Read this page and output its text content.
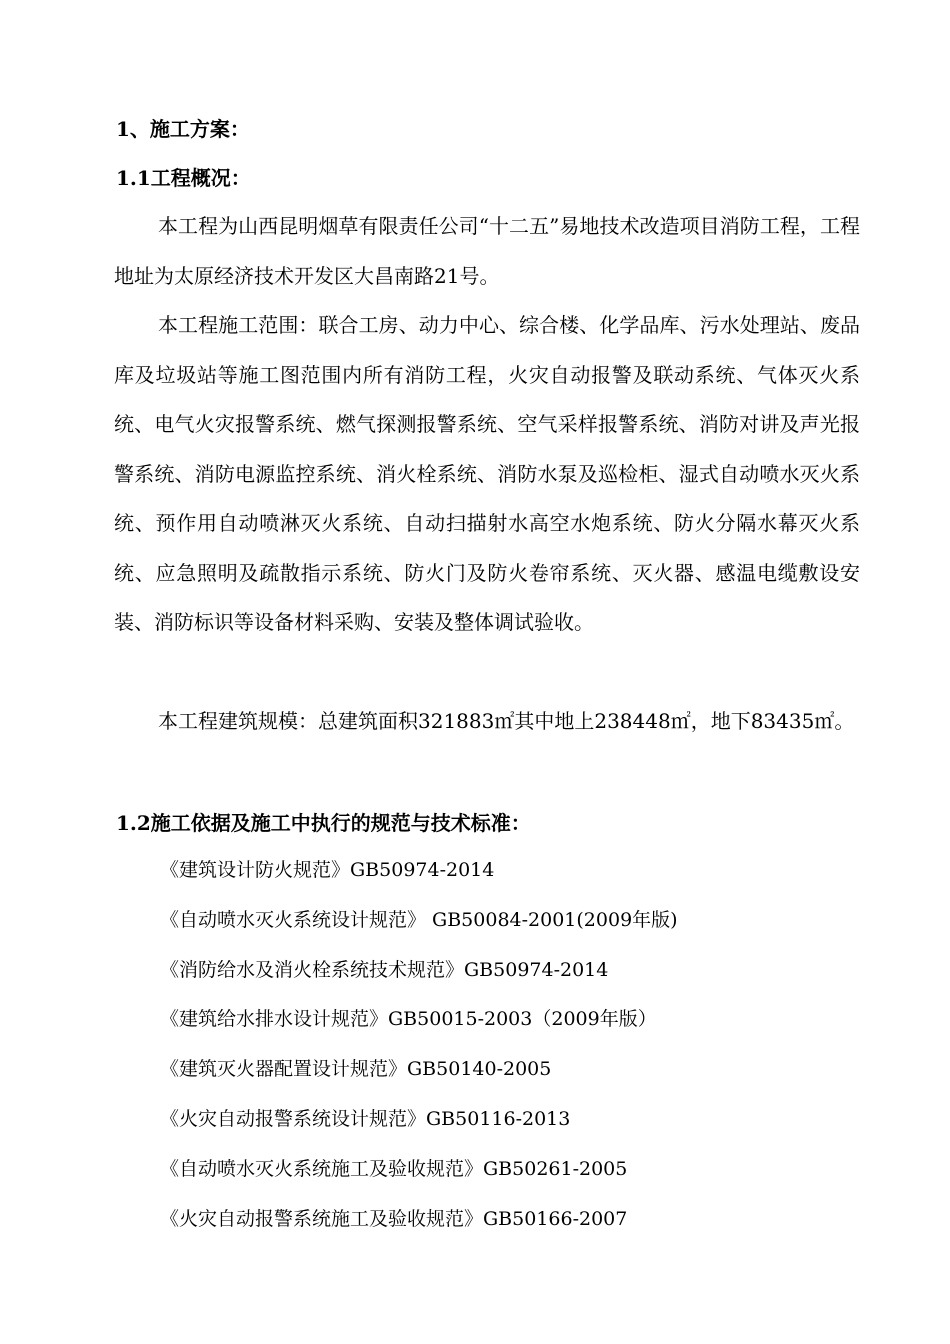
1、施工方案：
1.1工程概况：

本工程为山西昆明烟草有限责任公司“十二五”易地技术改造项目消防工程，工程地址为太原经济技术开发区大昌南路21号。

本工程施工范围：联合工房、动力中心、综合楼、化学品库、污水处理站、废品库及垃圾站等施工图范围内所有消防工程，火灾自动报警及联动系统、气体灭火系统、电气火灾报警系统、燃气探测报警系统、空气采样报警系统、消防对讲及声光报警系统、消防电源监控系统、消火栓系统、消防水泵及巡检柜、湿式自动喷水灭火系统、预作用自动喷淋灭火系统、自动扫描射水高空水炮系统、防火分隔水幕灭火系统、应急照明及疏散指示系统、防火门及防火卷帘系统、灭火器、感温电缆敷设安装、消防标识等设备材料采购、安装及整体调试验收。

本工程建筑规模：总建筑面积321883㎡其中地上238448㎡，地下83435㎡。

1.2施工依据及施工中执行的规范与技术标准：
《建筑设计防火规范》GB50974-2014
《自动喷水灭火系统设计规范》 GB50084-2001(2009年版)
《消防给水及消火栓系统技术规范》GB50974-2014
《建筑给水排水设计规范》GB50015-2003（2009年版）
《建筑灭火器配置设计规范》GB50140-2005
《火灾自动报警系统设计规范》GB50116-2013
《自动喷水灭火系统施工及验收规范》GB50261-2005
《火灾自动报警系统施工及验收规范》GB50166-2007
